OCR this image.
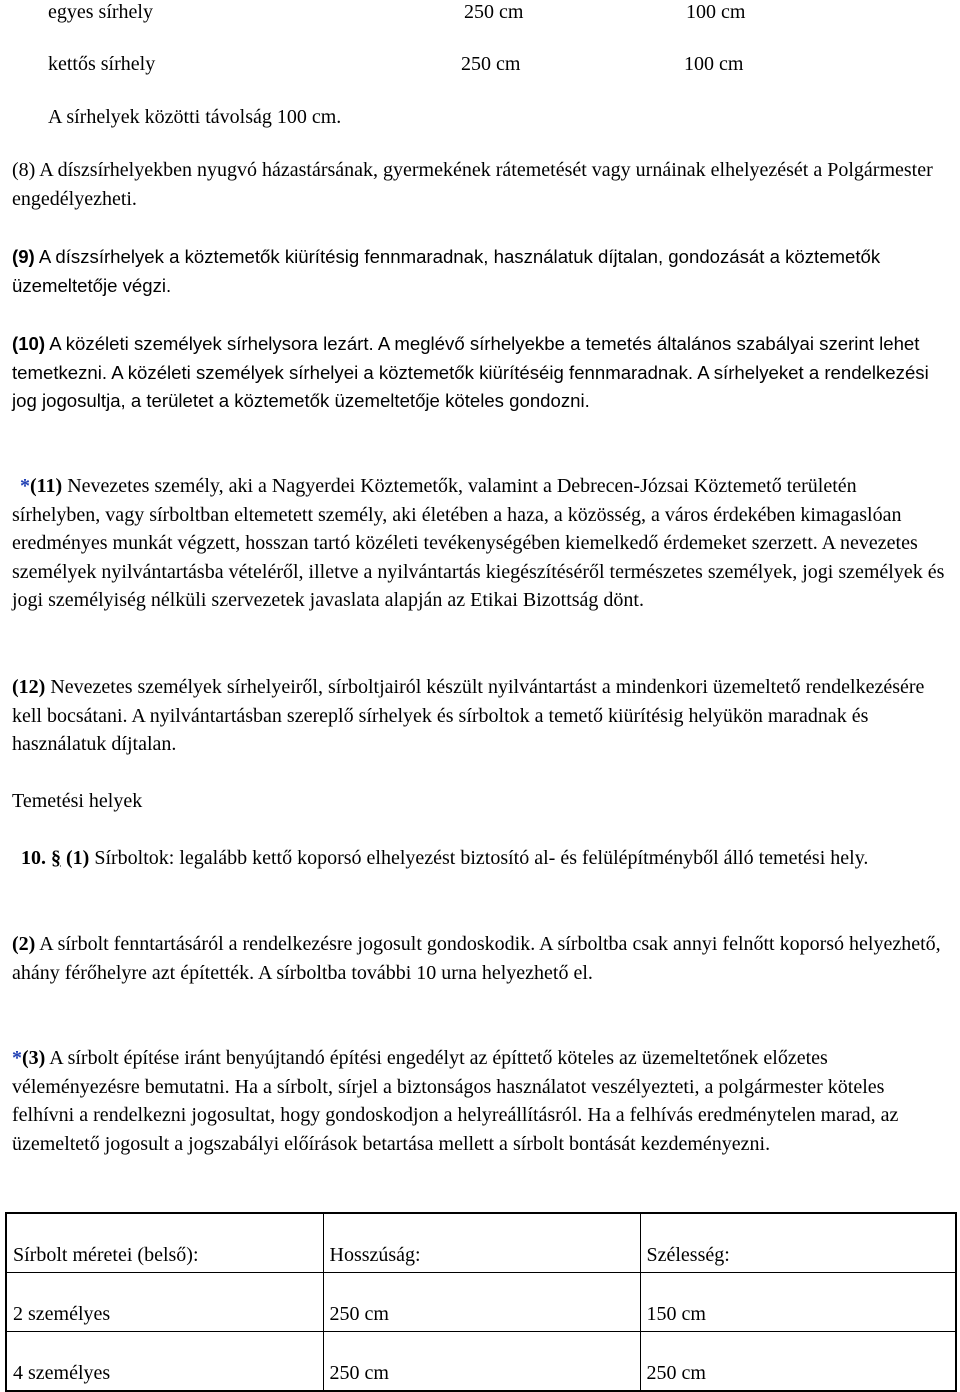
egyes sírhely	250 cm	100 cm
kettős sírhely	250 cm	100 cm
A sírhelyek közötti távolság 100 cm.

(8) A díszsírhelyekben nyugvó házastársának, gyermekének rátemetését vagy urnáinak elhelyezését a Polgármester engedélyezheti.

(9) A díszsírhelyek a köztemetők kiürítésig fennmaradnak, használatuk díjtalan, gondozását a köztemetők üzemeltetője végzi.

(10) A közéleti személyek sírhelysora lezárt. A meglévő sírhelyekbe a temetés általános szabályai szerint lehet temetkezni. A közéleti személyek sírhelyei a köztemetők kiürítéséig fennmaradnak. A sírhelyeket a rendelkezési jog jogosultja, a területet a köztemetők üzemeltetője köteles gondozni.

*(11) Nevezetes személy, aki a Nagyerdei Köztemetők, valamint a Debrecen-Józsai Köztemető területén sírhelyben, vagy sírboltban eltemetett személy, aki életében a haza, a közösség, a város érdekében kimagaslóan eredményes munkát végzett, hosszan tartó közéleti tevékenységében kiemelkedő érdemeket szerzett. A nevezetes személyek nyilvántartásba vételéről, illetve a nyilvántartás kiegészítéséről természetes személyek, jogi személyek és jogi személyiség nélküli szervezetek javaslata alapján az Etikai Bizottság dönt.

(12) Nevezetes személyek sírhelyeiről, sírboltjairól készült nyilvántartást a mindenkori üzemeltető rendelkezésére kell bocsátani. A nyilvántartásban szereplő sírhelyek és sírboltok a temető kiürítésig helyükön maradnak és használatuk díjtalan.

Temetési helyek

10. § (1) Sírboltok: legalább kettő koporsó elhelyezést biztosító al- és felülépítményből álló temetési hely.

(2) A sírbolt fenntartásáról a rendelkezésre jogosult gondoskodik. A sírboltba csak annyi felnőtt koporsó helyezhető, ahány férőhelyre azt építették. A sírboltba további 10 urna helyezhető el.

*(3) A sírbolt építése iránt benyújtandó építési engedélyt az építtető köteles az üzemeltetőnek előzetes véleményezésre bemutatni. Ha a sírbolt, sírjel a biztonságos használatot veszélyezteti, a polgármester köteles felhívni a rendelkezni jogosultat, hogy gondoskodjon a helyreállításról. Ha a felhívás eredménytelen marad, az üzemeltető jogosult a jogszabályi előírások betartása mellett a sírbolt bontását kezdeményezni.

Sírbolt méretei (belső):	Hosszúság:	Szélesség:
2 személyes	250 cm	150 cm
4 személyes	250 cm	250 cm
